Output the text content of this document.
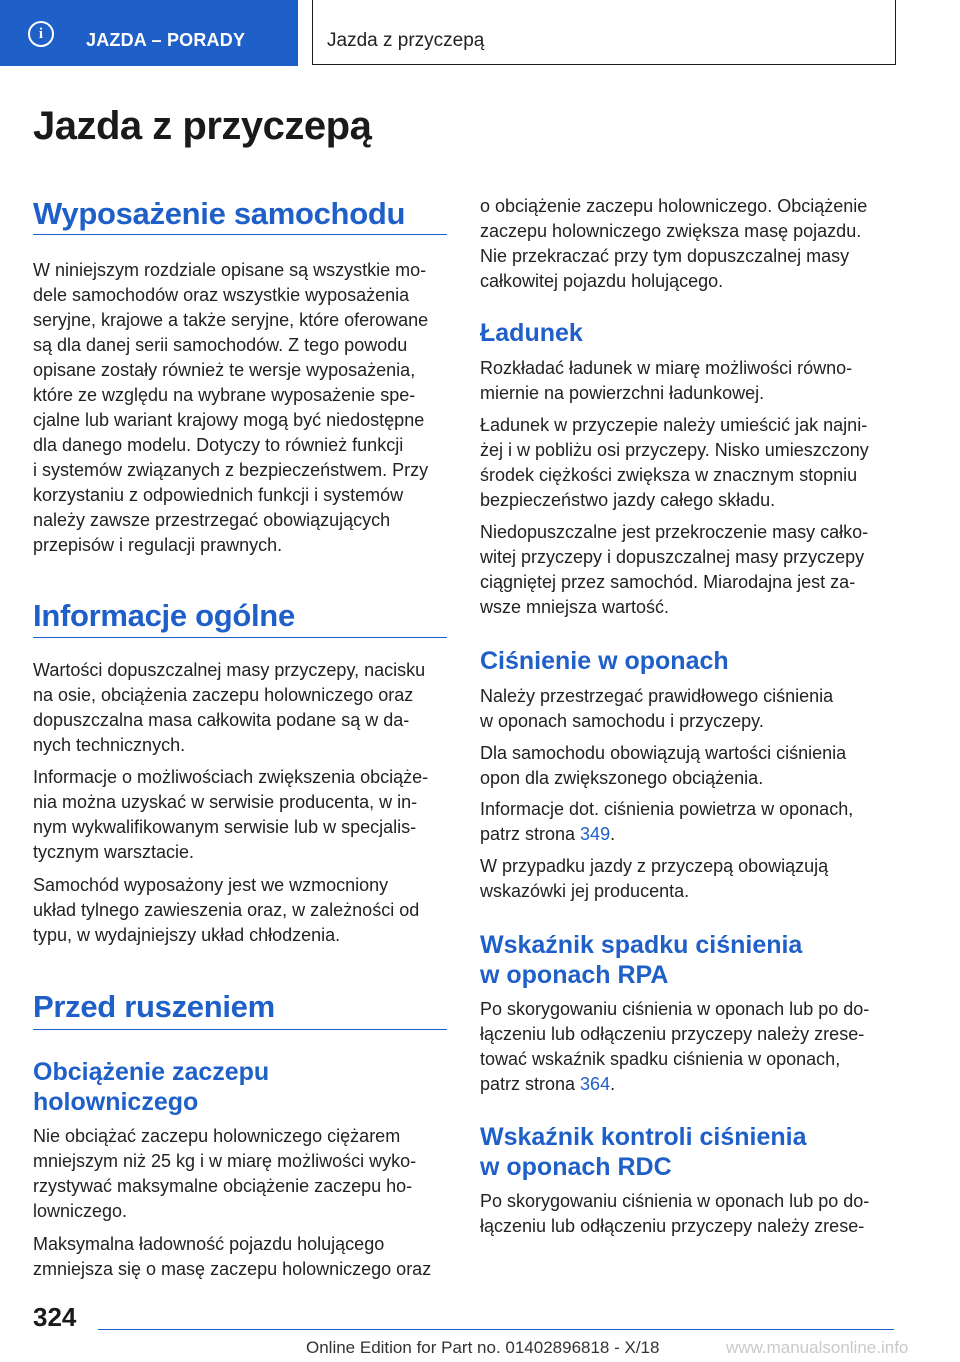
i	JAZDA – PORADY	Jazda z przyczepą
Jazda z przyczepą
Wyposażenie samochodu

W niniejszym rozdziale opisane są wszystkie mo-
dele samochodów oraz wszystkie wyposażenia
seryjne, krajowe a także seryjne, które oferowane
są dla danej serii samochodów. Z tego powodu
opisane zostały również te wersje wyposażenia,
które ze względu na wybrane wyposażenie spe-
cjalne lub wariant krajowy mogą być niedostępne
dla danego modelu. Dotyczy to również funkcji
i systemów związanych z bezpieczeństwem. Przy
korzystaniu z odpowiednich funkcji i systemów
należy zawsze przestrzegać obowiązujących
przepisów i regulacji prawnych.

Informacje ogólne

Wartości dopuszczalnej masy przyczepy, nacisku
na osie, obciążenia zaczepu holowniczego oraz
dopuszczalna masa całkowita podane są w da-
nych technicznych.

Informacje o możliwościach zwiększenia obciąże-
nia można uzyskać w serwisie producenta, w in-
nym wykwalifikowanym serwisie lub w specjalis-
tycznym warsztacie.

Samochód wyposażony jest we wzmocniony
układ tylnego zawieszenia oraz, w zależności od
typu, w wydajniejszy układ chłodzenia.

Przed ruszeniem
Obciążenie zaczepu
holowniczego

Nie obciążać zaczepu holowniczego ciężarem
mniejszym niż 25 kg i w miarę możliwości wyko-
rzystywać maksymalne obciążenie zaczepu ho-
lowniczego.

Maksymalna ładowność pojazdu holującego
zmniejsza się o masę zaczepu holowniczego oraz

o obciążenie zaczepu holowniczego. Obciążenie
zaczepu holowniczego zwiększa masę pojazdu.
Nie przekraczać przy tym dopuszczalnej masy
całkowitej pojazdu holującego.

Ładunek

Rozkładać ładunek w miarę możliwości równo-
miernie na powierzchni ładunkowej.

Ładunek w przyczepie należy umieścić jak najni-
żej i w pobliżu osi przyczepy. Nisko umieszczony
środek ciężkości zwiększa w znacznym stopniu
bezpieczeństwo jazdy całego składu.

Niedopuszczalne jest przekroczenie masy całko-
witej przyczepy i dopuszczalnej masy przyczepy
ciągniętej przez samochód. Miarodajna jest za-
wsze mniejsza wartość.

Ciśnienie w oponach

Należy przestrzegać prawidłowego ciśnienia
w oponach samochodu i przyczepy.

Dla samochodu obowiązują wartości ciśnienia
opon dla zwiększonego obciążenia.

Informacje dot. ciśnienia powietrza w oponach,
patrz strona 349.

W przypadku jazdy z przyczepą obowiązują
wskazówki jej producenta.

Wskaźnik spadku ciśnienia
w oponach RPA

Po skorygowaniu ciśnienia w oponach lub po do-
łączeniu lub odłączeniu przyczepy należy zrese-
tować wskaźnik spadku ciśnienia w oponach,
patrz strona 364.

Wskaźnik kontroli ciśnienia
w oponach RDC

Po skorygowaniu ciśnienia w oponach lub po do-
łączeniu lub odłączeniu przyczepy należy zrese-

324
Online Edition for Part no. 01402896818 - X/18	www.manualsonline.info
